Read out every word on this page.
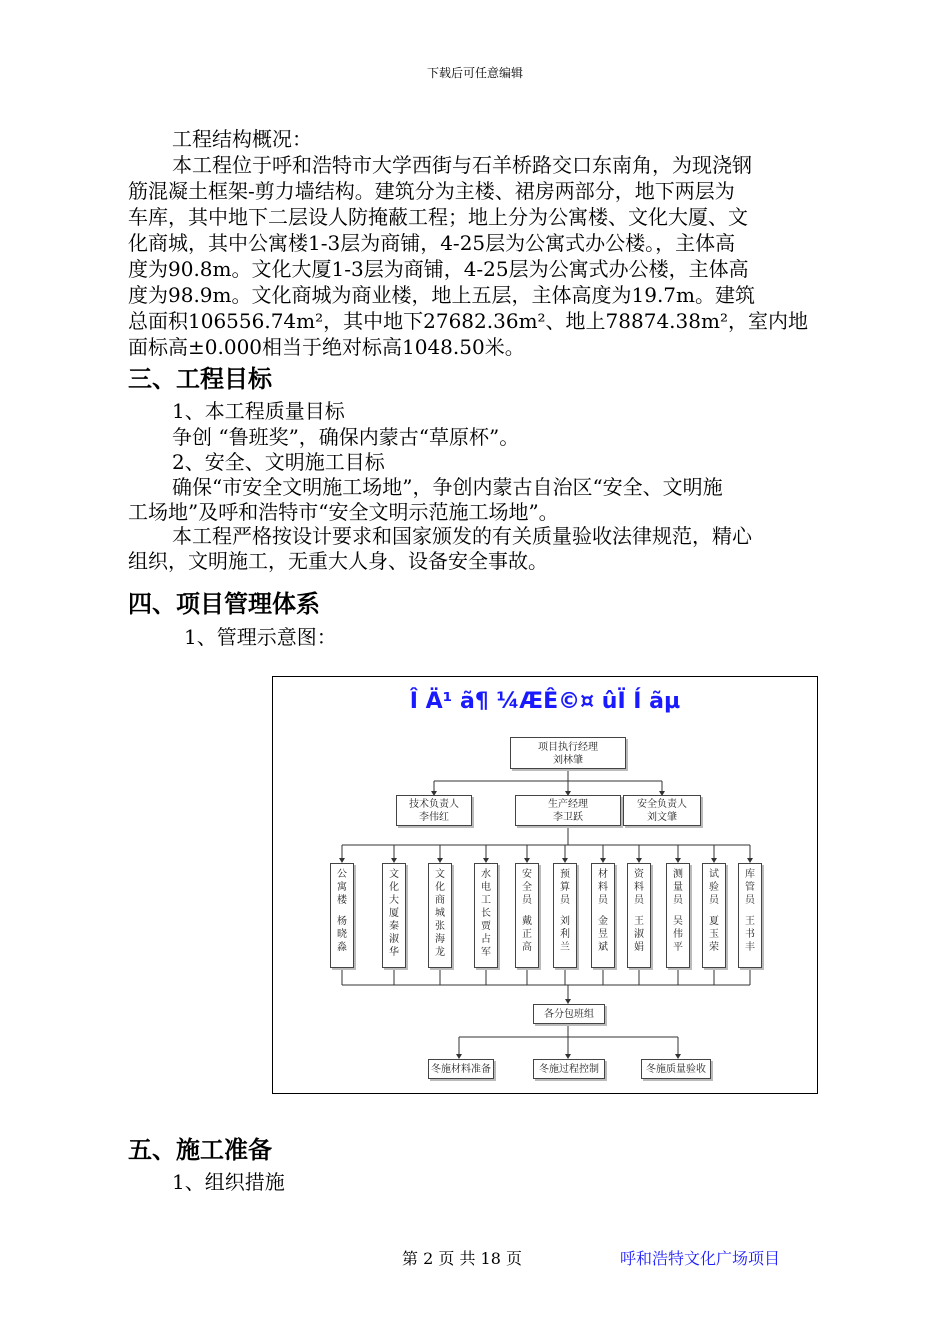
下载后可任意编辑
工程结构概况：
本工程位于呼和浩特市大学西街与石羊桥路交口东南角，为现浇钢
筋混凝土框架-剪力墙结构。建筑分为主楼、裙房两部分，地下两层为
车库，其中地下二层设人防掩蔽工程；地上分为公寓楼、文化大厦、文
化商城，其中公寓楼1-3层为商铺，4-25层为公寓式办公楼。，主体高
度为90.8m。文化大厦1-3层为商铺，4-25层为公寓式办公楼，主体高
度为98.9m。文化商城为商业楼，地上五层，主体高度为19.7m。建筑
总面积106556.74m²，其中地下27682.36m²、地上78874.38m²，室内地
面标高±0.000相当于绝对标高1048.50米。
三、工程目标
1、本工程质量目标
争创 “鲁班奖”，确保内蒙古“草原杯”。
2、安全、文明施工目标
确保“市安全文明施工场地”，争创内蒙古自治区“安全、文明施
工场地”及呼和浩特市“安全文明示范施工场地”。
本工程严格按设计要求和国家颁发的有关质量验收法律规范，精心
组织，文明施工，无重大人身、设备安全事故。
四、项目管理体系
1、管理示意图：
Î Ä¹ ã¶ ¼ÆÊ©¤ ûÏ Í ãµ
项目执行经理
刘林肇
技术负责人
李伟红
生产经理
李卫跃
安全负责人
刘文肇
公
寓
楼
杨
晓
淼
文
化
大
厦
秦
淑
华
文
化
商
城
张
海
龙
水
电
工
长
贾
占
军
安
全
员
戴
正
高
预
算
员
刘
利
兰
材
料
员
金
昱
斌
资
料
员
王
淑
娟
测
量
员
吴
伟
平
试
验
员
夏
玉
荣
库
管
员
王
书
丰
各分包班组
冬施材料准备	冬施过程控制	冬施质量验收
五、施工准备
1、组织措施
第 2 页 共 18 页	呼和浩特文化广场项目
